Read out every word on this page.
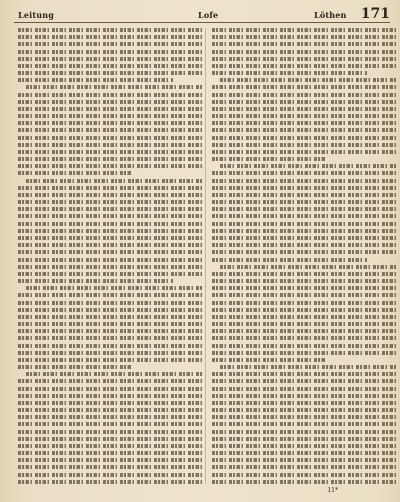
Leitung	Lofe	Löthen 171
11*
